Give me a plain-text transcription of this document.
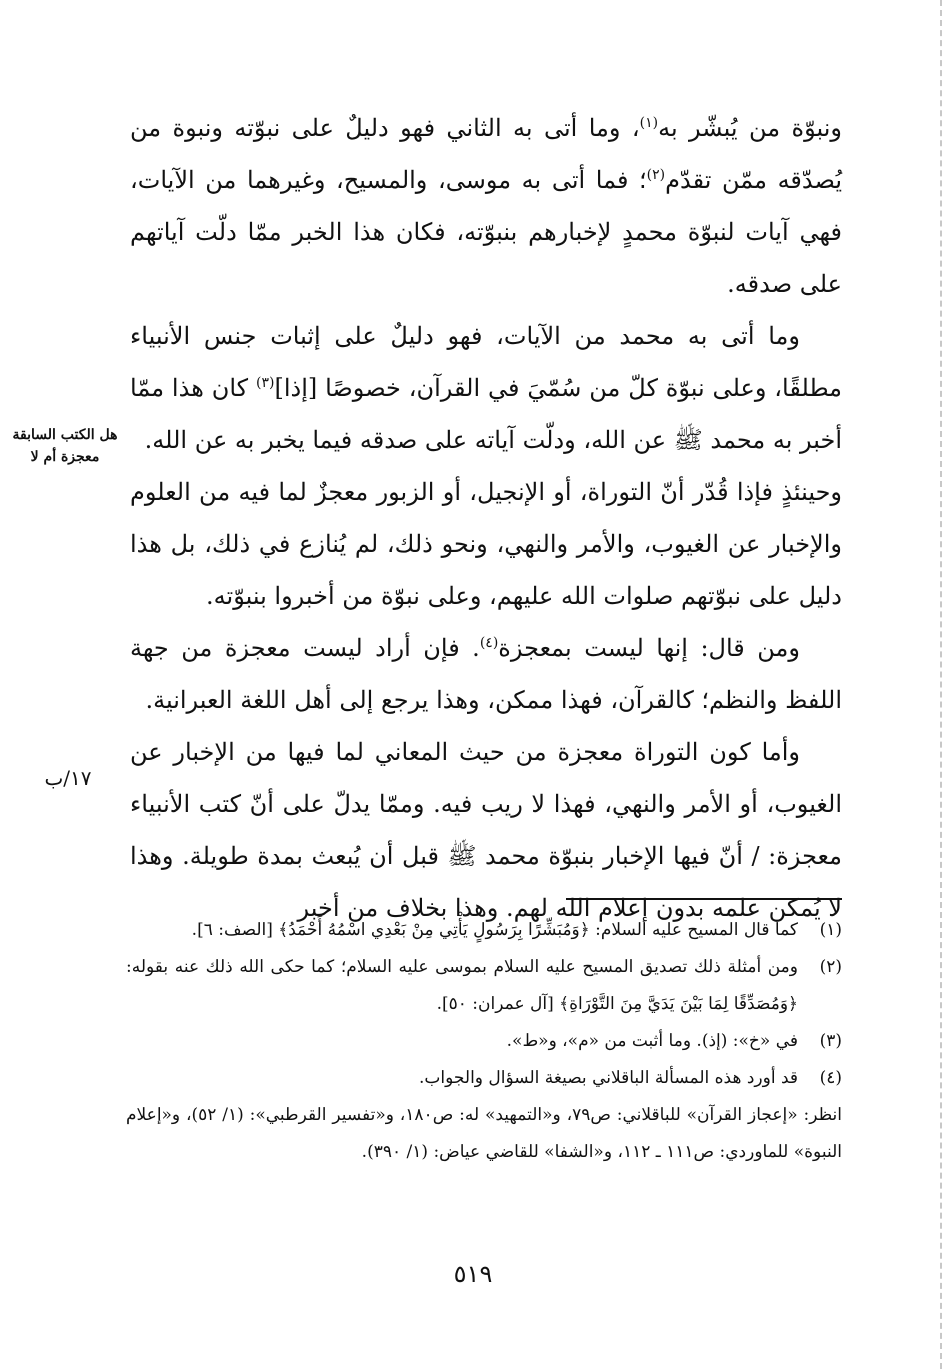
ونبوّة من يُبشّر به$^{(١)}$، وما أتى به الثاني فهو دليلٌ على نبوّته ونبوة من يُصدّقه ممّن تقدّم$^{(٢)}$؛ فما أتى به موسى، والمسيح، وغيرهما من الآيات، فهي آيات لنبوّة محمدٍ لإخبارهم بنبوّته، فكان هذا الخبر ممّا دلّت آياتهم على صدقه.

وما أتى به محمد من الآيات، فهو دليلٌ على إثبات جنس الأنبياء مطلقًا، وعلى نبوّة كلّ من سُمّيَ في القرآن، خصوصًا [إذا]$^{(٣)}$ كان هذا ممّا أخبر به محمد ﷺ عن الله، ودلّت آياته على صدقه فيما يخبر به عن الله.

وحينئذٍ فإذا قُدّر أنّ التوراة، أو الإنجيل، أو الزبور معجزٌ لما فيه من العلوم والإخبار عن الغيوب، والأمر والنهي، ونحو ذلك، لم يُنازع في ذلك، بل هذا دليل على نبوّتهم صلوات الله عليهم، وعلى نبوّة من أخبروا بنبوّته.

ومن قال: إنها ليست بمعجزة$^{(٤)}$. فإن أراد ليست معجزة من جهة اللفظ والنظم؛ كالقرآن، فهذا ممكن، وهذا يرجع إلى أهل اللغة العبرانية.

وأما كون التوراة معجزة من حيث المعاني لما فيها من الإخبار عن الغيوب، أو الأمر والنهي، فهذا لا ريب فيه. وممّا يدلّ على أنّ كتب الأنبياء معجزة: / أنّ فيها الإخبار بنبوّة محمد ﷺ قبل أن يُبعث بمدة طويلة. وهذا لا يُمكن علمه بدون إعلام الله لهم. وهذا بخلاف من أخبر

هل الكتب السابقة معجزة أم لا
١٧/ب
(١)
كما قال المسيح عليه السلام: ﴿وَمُبَشِّرًا بِرَسُولٍ يَأْتِي مِنْ بَعْدِي اسْمُهُ أَحْمَدُ﴾ [الصف: ٦].
(٢)
ومن أمثلة ذلك تصديق المسيح عليه السلام بموسى عليه السلام؛ كما حكى الله ذلك عنه بقوله: ﴿وَمُصَدِّقًا لِمَا بَيْنَ يَدَيَّ مِنَ التَّوْرَاةِ﴾ [آل عمران: ٥٠].
(٣)
في «خ»: (إذ). وما أثبت من «م»، و«ط».
(٤)
قد أورد هذه المسألة الباقلاني بصيغة السؤال والجواب.

انظر: «إعجاز القرآن» للباقلاني: ص٧٩، و«التمهيد» له: ص١٨٠، و«تفسير القرطبي»: (١/ ٥٢)، و«إعلام النبوة» للماوردي: ص١١١ ـ ١١٢، و«الشفا» للقاضي عياض: (١/ ٣٩٠).

٥١٩
